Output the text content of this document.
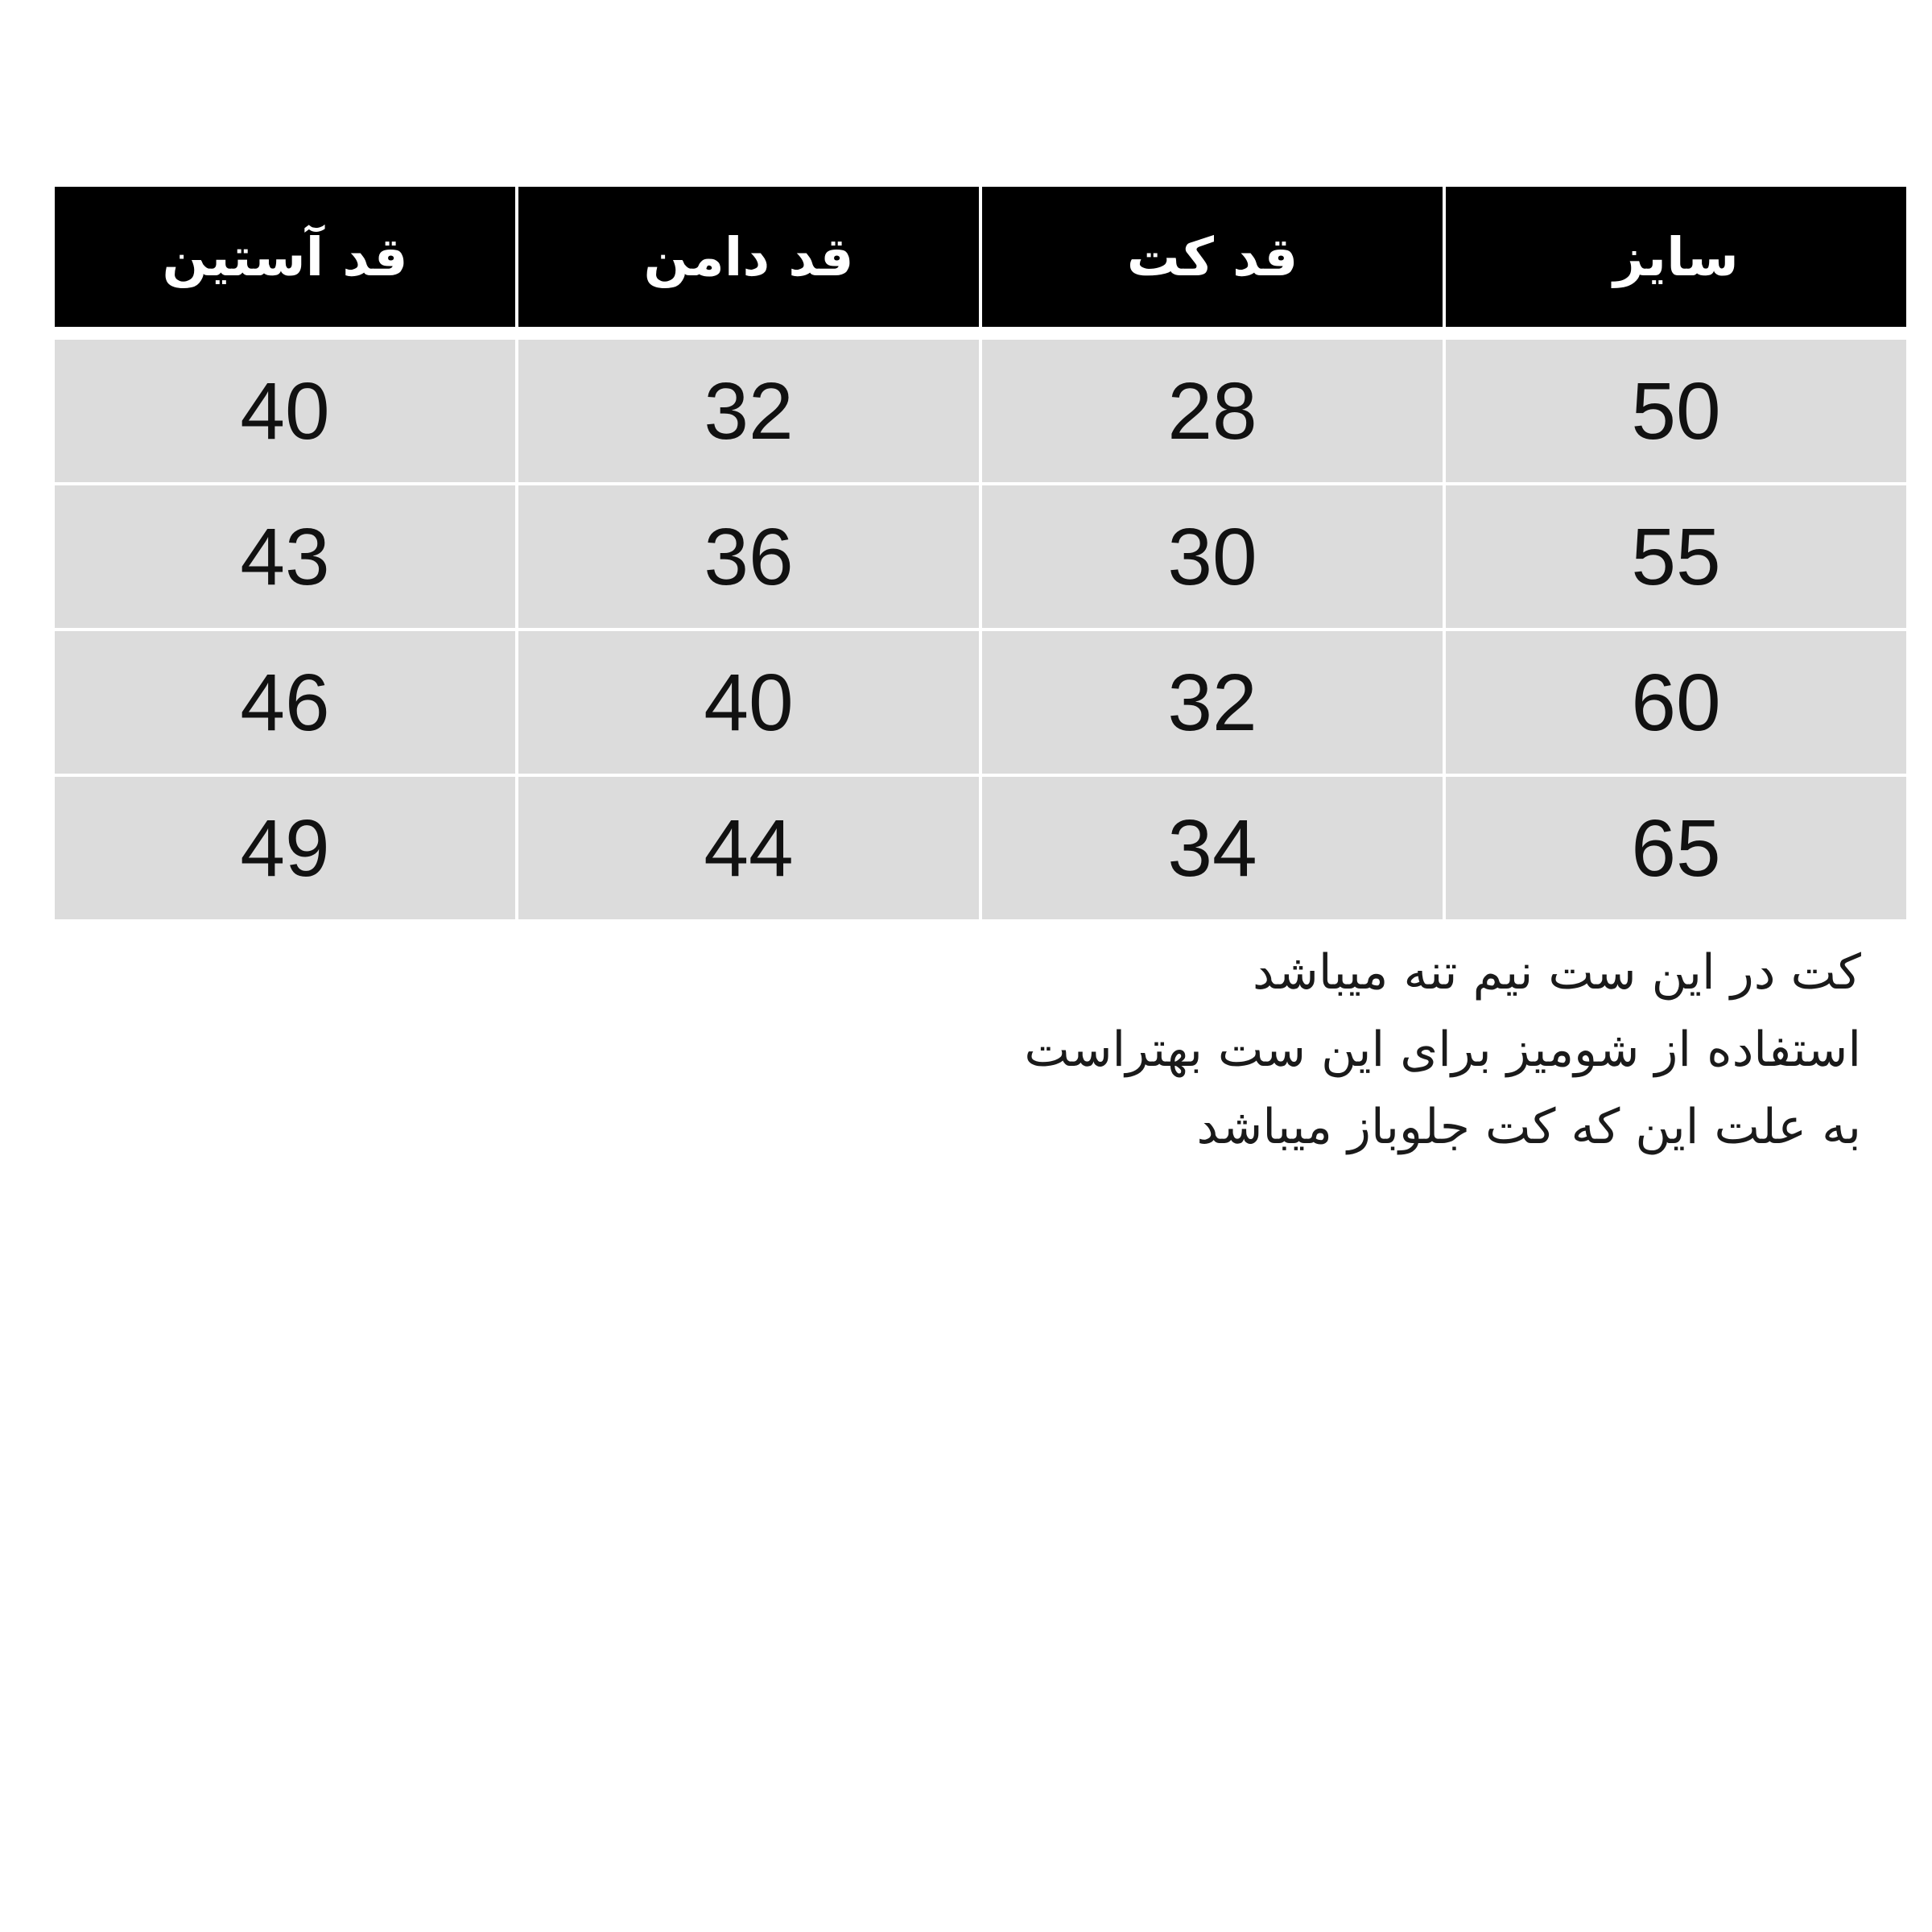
قد آستین	قد دامن	قد کت	سایز
40	32	28	50
43	36	30	55
46	40	32	60
49	44	34	65
کت در این ست نیم تنه میباشد
استفاده از شومیز برای این ست بهتراست
به علت این که کت جلوباز میباشد
